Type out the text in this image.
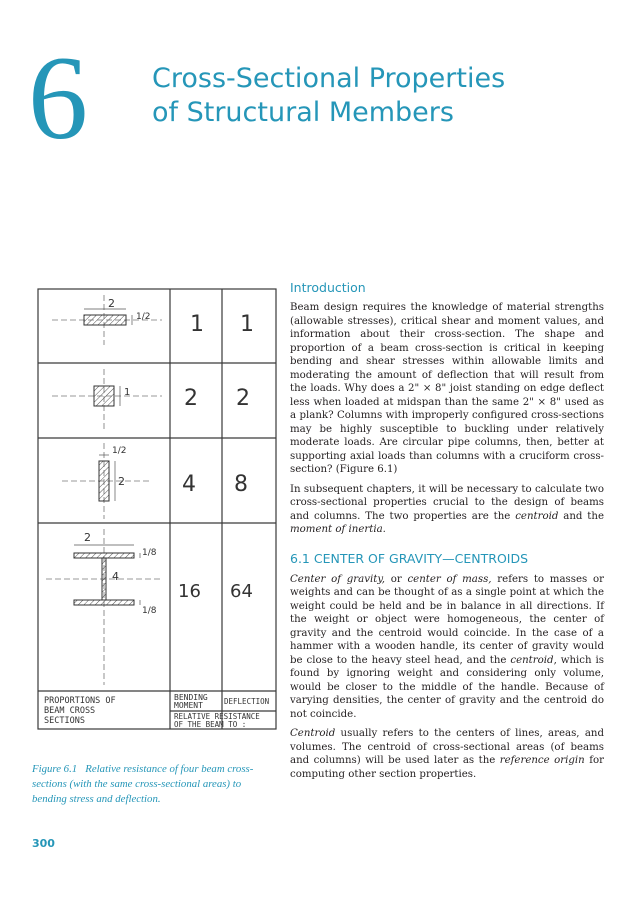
6 Cross-Sectional Properties
of Structural Members
2
1/2 1 1
1 2 2
1/2
2	4 8
2
1/8
4
1/8
16 64
PROPORTIONS OF
BEAM CROSS
SECTIONS
BENDING
MOMENT	DEFLECTION
RELATIVE RESISTANCE
OF THE BEAM TO :
Figure 6.1 Relative resistance of four beam cross-sections (with the same cross-sectional areas) to bending stress and deflection.
300
Introduction

Beam design requires the knowledge of material strengths (allowable stresses), critical shear and moment values, and information about their cross-section. The shape and proportion of a beam cross-section is critical in keeping bending and shear stresses within allowable limits and moderating the amount of deflection that will result from the loads. Why does a 2" × 8" joist standing on edge deflect less when loaded at midspan than the same 2" × 8" used as a plank? Columns with improperly configured cross-sections may be highly susceptible to buckling under relatively moderate loads. Are circular pipe columns, then, better at supporting axial loads than columns with a cruciform cross-section? (Figure 6.1)

In subsequent chapters, it will be necessary to calculate two cross-sectional properties crucial to the design of beams and columns. The two properties are the centroid and the moment of inertia.

6.1 CENTER OF GRAVITY—CENTROIDS

Center of gravity, or center of mass, refers to masses or weights and can be thought of as a single point at which the weight could be held and be in balance in all directions. If the weight or object were homogeneous, the center of gravity and the centroid would coincide. In the case of a hammer with a wooden handle, its center of gravity would be close to the heavy steel head, and the centroid, which is found by ignoring weight and considering only volume, would be closer to the middle of the handle. Because of varying densities, the center of gravity and the centroid do not coincide.

Centroid usually refers to the centers of lines, areas, and volumes. The centroid of cross-sectional areas (of beams and columns) will be used later as the reference origin for computing other section properties.
